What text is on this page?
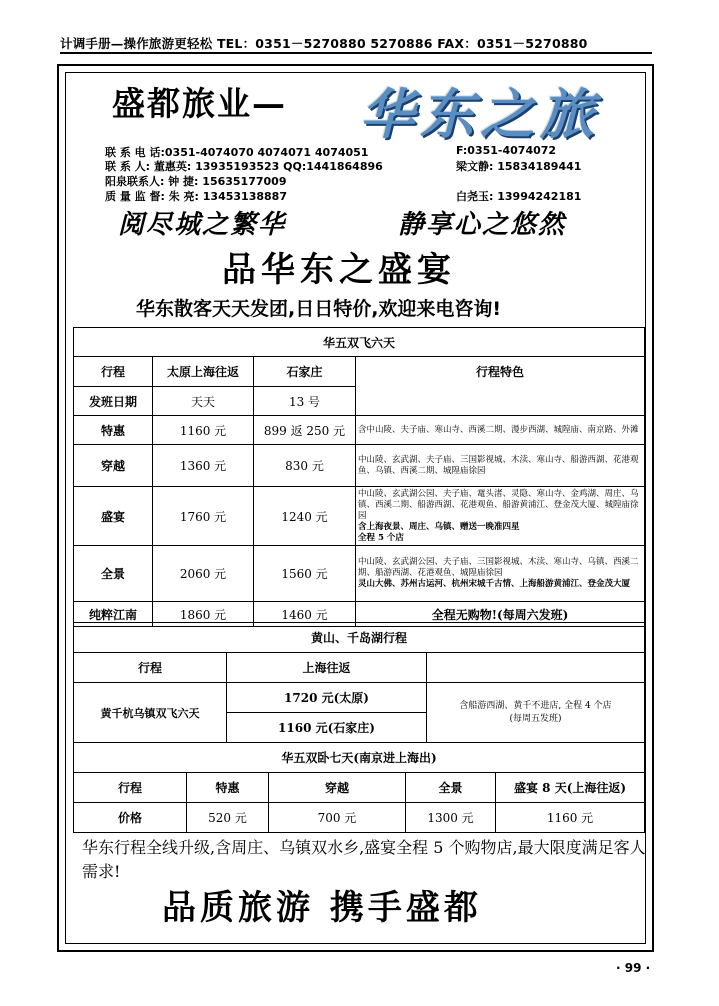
计调手册—操作旅游更轻松 TEL：0351－5270880 5270886 FAX：0351－5270880
盛都旅业— 华东之旅
联 系 电 话:0351-4074070 4074071 4074051	F:0351-4074072
联 系 人: 董惠英: 13935193523 QQ:1441864896	梁文静: 15834189441
阳泉联系人: 钟 捷: 15635177009
质 量 监 督: 朱 亮: 13453138887	白尧玉: 13994242181
阅尽城之繁华	静享心之悠然
品华东之盛宴
华东散客天天发团,日日特价,欢迎来电咨询!
华五双飞六天			
行程	太原上海往返	石家庄	行程特色
发班日期	天天	13 号	
特惠	1160 元	899 返 250 元	含中山陵、夫子庙、寒山寺、西溪二期、漫步西湖、城隍庙、南京路、外滩
穿越	1360 元	830 元	中山陵、玄武湖、夫子庙、三国影视城、木渎、寒山寺、船游西湖、花港观鱼、乌镇、西溪二期、城隍庙徐园
盛宴	1760 元	1240 元	中山陵、玄武湖公园、夫子庙、鼋头渚、灵隐、寒山寺、金鸡湖、周庄、乌镇、西溪二期、船游西湖、花港观鱼、船游黄浦江、登金茂大厦、城隍庙徐园
含上海夜景、周庄、乌镇、赠送一晚准四星
全程 5 个店
全景	2060 元	1560 元	中山陵、玄武湖公园、夫子庙、三国影视城、木渎、寒山寺、乌镇、西溪二期、船游西湖、花港观鱼、城隍庙徐园
灵山大佛、苏州古运河、杭州宋城千古情、上海船游黄浦江、登金茂大厦
纯粹江南	1860 元	1460 元	全程无购物!(每周六发班)
黄山、千岛湖行程		
行程	上海往返	
黄千杭乌镇双飞六天	1720 元(太原)	含船游西湖、黄千不进店, 全程 4 个店
(每周五发班)
	1160 元(石家庄)	
华五双卧七天(南京进上海出)				
行程	特惠	穿越	全景	盛宴 8 天(上海往返)
价格	520 元	700 元	1300 元	1160 元
华东行程全线升级,含周庄、乌镇双水乡,盛宴全程 5 个购物店,最大限度满足客人需求!
品质旅游 携手盛都
· 99 ·
